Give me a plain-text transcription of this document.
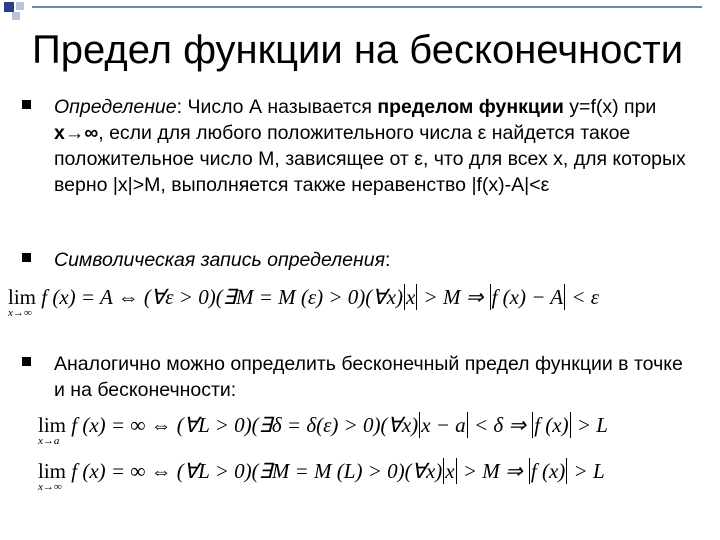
Предел функции на бесконечности
Определение: Число А называется пределом функции y=f(x) при x→∞, если для любого положительного числа ε найдется такое положительное число M, зависящее от ε, что для всех x, для которых верно |x|>M, выполняется также неравенство |f(x)-A|<ε
Символическая запись определения:
lim f (x) = A ⇔ (∀ε > 0)(∃M = M (ε) > 0)(∀x) x > M ⇒ f (x) − A < ε
x→∞
Аналогично можно определить бесконечный предел функции в точке и на бесконечности:
lim f (x) = ∞ ⇔ (∀L > 0)(∃δ = δ(ε) > 0)(∀x) x − a < δ ⇒ f (x) > L
x→a
lim f (x) = ∞ ⇔ (∀L > 0)(∃M = M (L) > 0)(∀x) x > M ⇒ f (x) > L
x→∞
